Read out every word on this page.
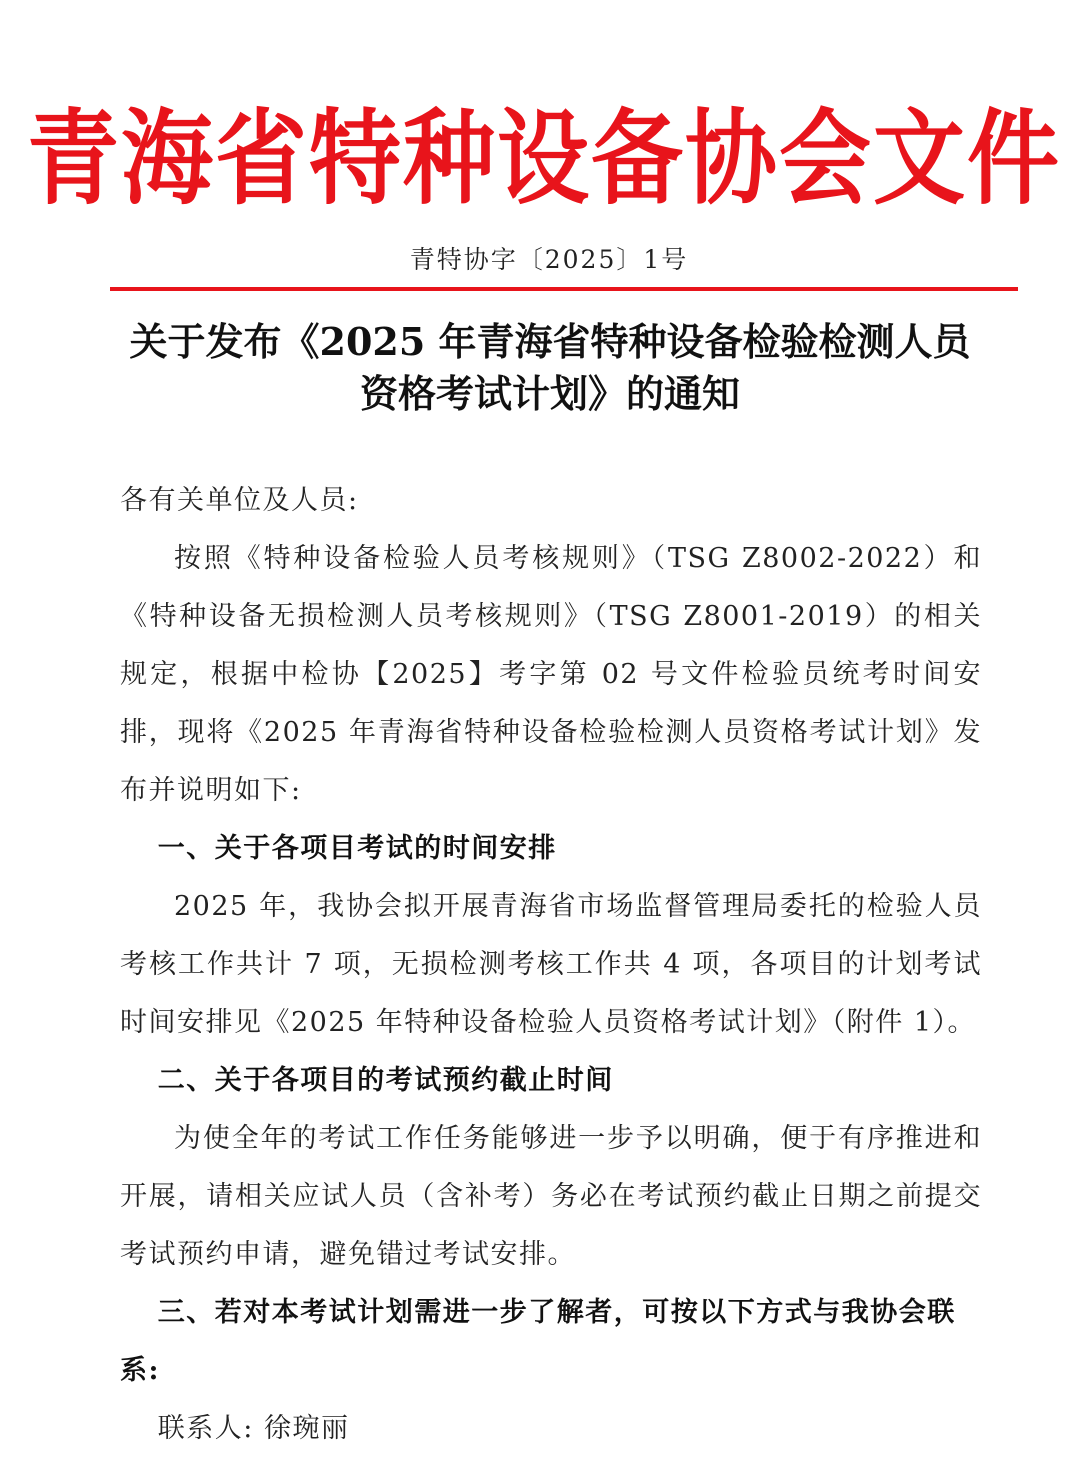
青海省特种设备协会文件
青特协字〔2025〕1号
关于发布《2025 年青海省特种设备检验检测人员
资格考试计划》的通知

各有关单位及人员:

按照《特种设备检验人员考核规则》（TSG Z8002-2022）和《特种设备无损检测人员考核规则》（TSG Z8001-2019）的相关规定，根据中检协【2025】考字第 02 号文件检验员统考时间安排，现将《2025 年青海省特种设备检验检测人员资格考试计划》发布并说明如下:

一、关于各项目考试的时间安排

2025 年，我协会拟开展青海省市场监督管理局委托的检验人员考核工作共计 7 项，无损检测考核工作共 4 项，各项目的计划考试时间安排见《2025 年特种设备检验人员资格考试计划》（附件 1）。

二、关于各项目的考试预约截止时间

为使全年的考试工作任务能够进一步予以明确，便于有序推进和开展，请相关应试人员（含补考）务必在考试预约截止日期之前提交考试预约申请，避免错过考试安排。

三、若对本考试计划需进一步了解者，可按以下方式与我协会联系:

联系人: 徐琬丽
